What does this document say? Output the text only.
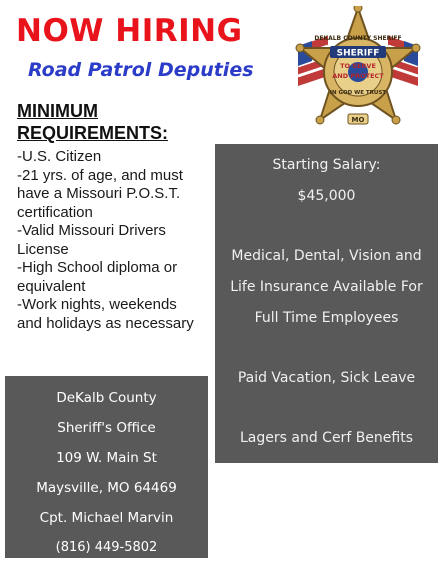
NOW HIRING
Road Patrol Deputies
SHERIFF
DEKALB COUNTY SHERIFF
TO SERVE
AND PROTECT
IN GOD WE TRUST
MO
MINIMUM
REQUIREMENTS:
-U.S. Citizen
-21 yrs. of age, and must
have a Missouri P.O.S.T.
certification
-Valid Missouri Drivers
License
-High School diploma or
equivalent
-Work nights, weekends
and holidays as necessary
Starting Salary:
$45,000
Medical, Dental, Vision and
Life Insurance Available For
Full Time Employees
Paid Vacation, Sick Leave
Lagers and Cerf Benefits
DeKalb County
Sheriff's Office
109 W. Main St
Maysville, MO 64469
Cpt. Michael Marvin
(816) 449-5802
